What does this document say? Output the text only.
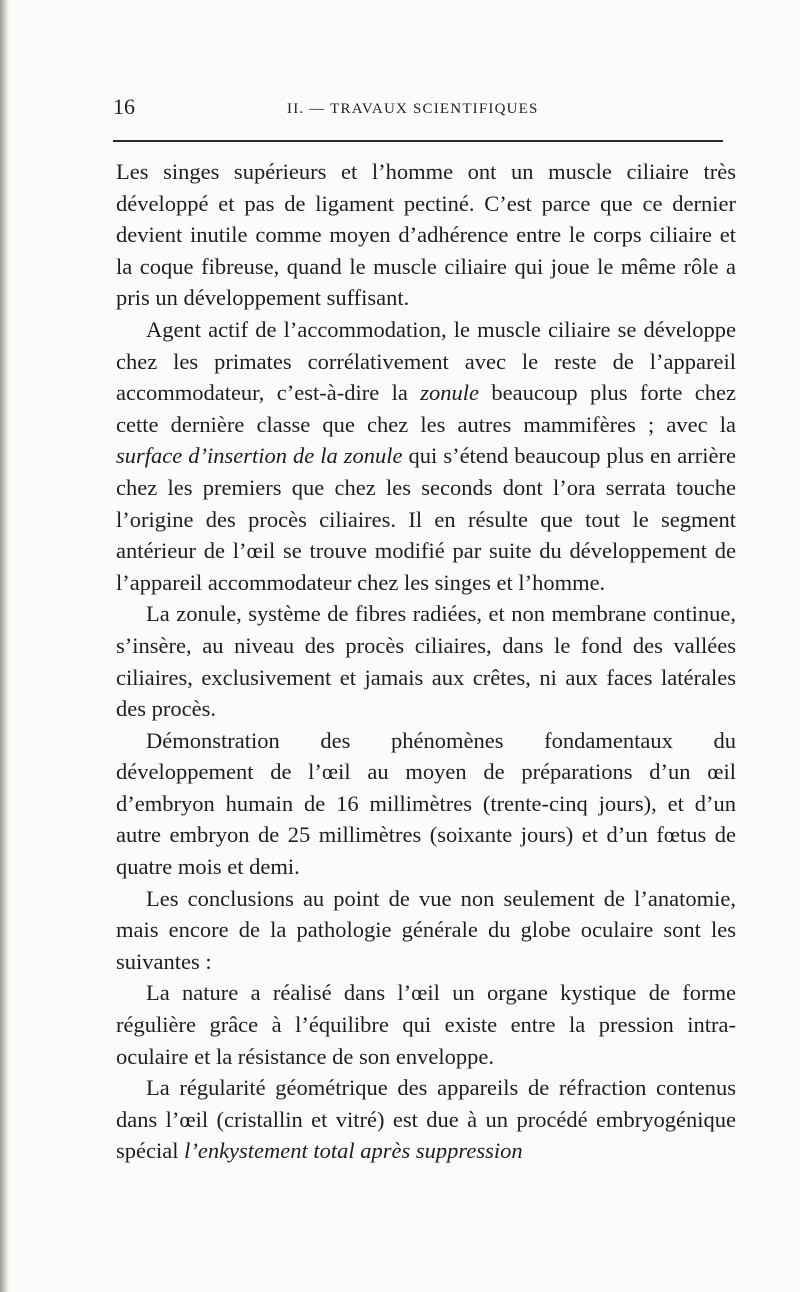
16	II. — TRAVAUX SCIENTIFIQUES

Les singes supérieurs et l’homme ont un muscle ciliaire très développé et pas de ligament pectiné. C’est parce que ce dernier devient inutile comme moyen d’adhérence entre le corps ciliaire et la coque fibreuse, quand le muscle ciliaire qui joue le même rôle a pris un développement suffisant.

Agent actif de l’accommodation, le muscle ciliaire se développe chez les primates corrélativement avec le reste de l’appareil accommodateur, c’est-à-dire la zonule beaucoup plus forte chez cette dernière classe que chez les autres mammifères ; avec la surface d’insertion de la zonule qui s’étend beaucoup plus en arrière chez les premiers que chez les seconds dont l’ora serrata touche l’origine des procès ciliaires. Il en résulte que tout le segment antérieur de l’œil se trouve modifié par suite du développement de l’appareil accommodateur chez les singes et l’homme.

La zonule, système de fibres radiées, et non membrane continue, s’insère, au niveau des procès ciliaires, dans le fond des vallées ciliaires, exclusivement et jamais aux crêtes, ni aux faces latérales des procès.

Démonstration des phénomènes fondamentaux du développement de l’œil au moyen de préparations d’un œil d’embryon humain de 16 millimètres (trente-cinq jours), et d’un autre embryon de 25 millimètres (soixante jours) et d’un fœtus de quatre mois et demi.

Les conclusions au point de vue non seulement de l’anatomie, mais encore de la pathologie générale du globe oculaire sont les suivantes :

La nature a réalisé dans l’œil un organe kystique de forme régulière grâce à l’équilibre qui existe entre la pression intra-oculaire et la résistance de son enveloppe.

La régularité géométrique des appareils de réfraction contenus dans l’œil (cristallin et vitré) est due à un procédé embryogénique spécial l’enkystement total après suppression
